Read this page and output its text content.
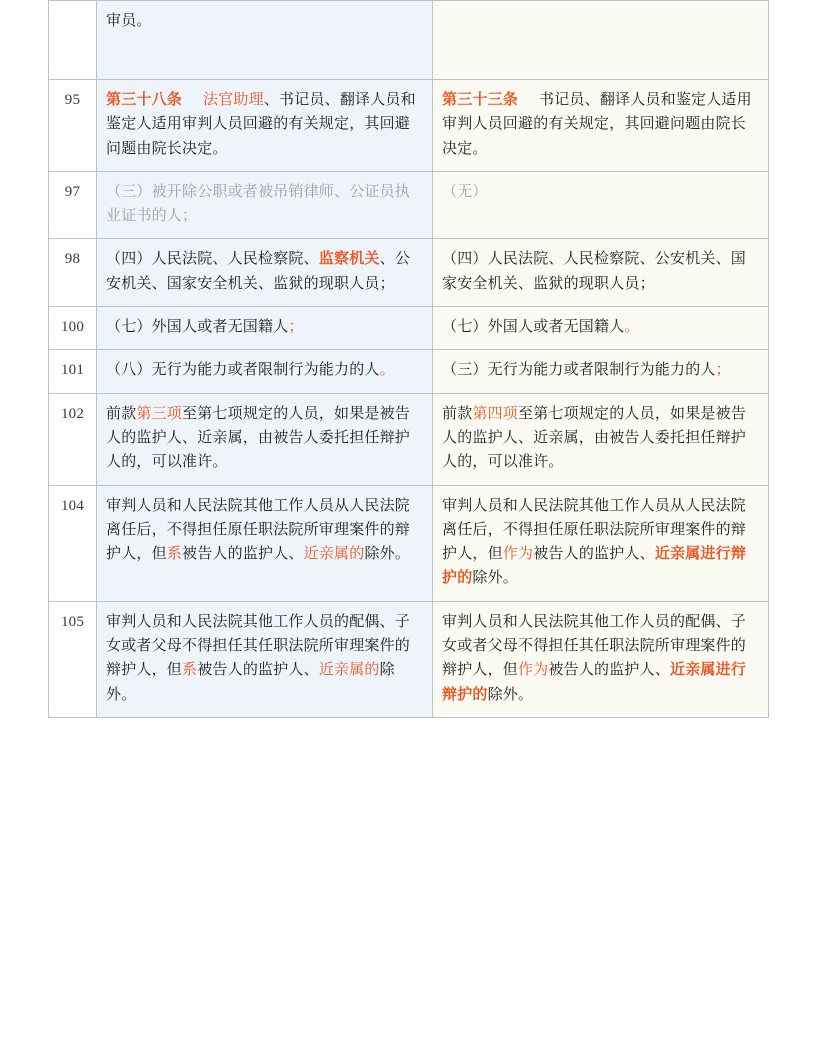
	审员。	
95	第三十八条 法官助理、书记员、翻译人员和鉴定人适用审判人员回避的有关规定，其回避问题由院长决定。	第三十三条 书记员、翻译人员和鉴定人适用审判人员回避的有关规定，其回避问题由院长决定。
97	（三）被开除公职或者被吊销律师、公证员执业证书的人；	（无）
98	（四）人民法院、人民检察院、监察机关、公安机关、国家安全机关、监狱的现职人员；	（四）人民法院、人民检察院、公安机关、国家安全机关、监狱的现职人员；
100	（七）外国人或者无国籍人；	（七）外国人或者无国籍人。
101	（八）无行为能力或者限制行为能力的人。	（三）无行为能力或者限制行为能力的人；
102	前款第三项至第七项规定的人员，如果是被告人的监护人、近亲属，由被告人委托担任辩护人的，可以准许。	前款第四项至第七项规定的人员，如果是被告人的监护人、近亲属，由被告人委托担任辩护人的，可以准许。
104	审判人员和人民法院其他工作人员从人民法院离任后，不得担任原任职法院所审理案件的辩护人，但系被告人的监护人、近亲属的除外。	审判人员和人民法院其他工作人员从人民法院离任后，不得担任原任职法院所审理案件的辩护人，但作为被告人的监护人、近亲属进行辩护的除外。
105	审判人员和人民法院其他工作人员的配偶、子女或者父母不得担任其任职法院所审理案件的辩护人，但系被告人的监护人、近亲属的除外。	审判人员和人民法院其他工作人员的配偶、子女或者父母不得担任其任职法院所审理案件的辩护人，但作为被告人的监护人、近亲属进行辩护的除外。
